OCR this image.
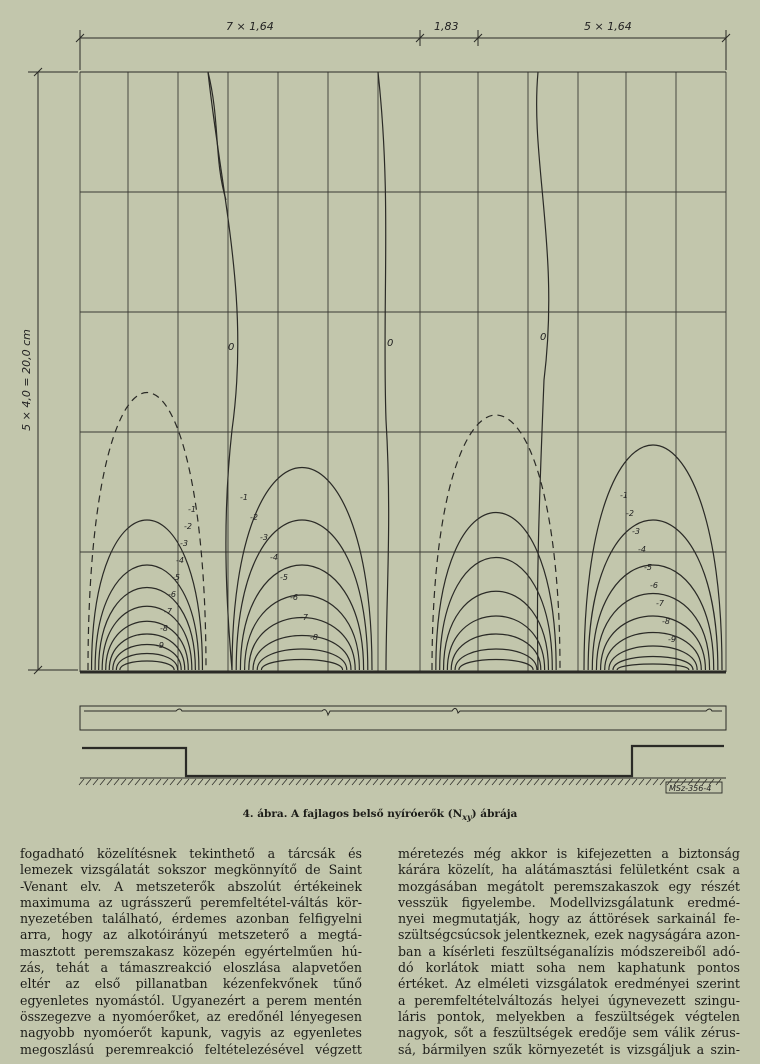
7 × 1,64	1,83	5 × 1,64
5 × 4,0 = 20,0 cm
MSz-356-4
0	0
0
-1
-2
-3
-4
-5
-6
-7
-8
-9
-1
-2
-3
-4
-5
-6
-7
-8
-1
-2
-3
-4
-5
-6
-7
-8
-9
4. ábra. A fajlagos belső nyíróerők $(N_{xy})$ ábrája
fogadható közelítésnek tekinthető a tárcsák és
lemezek vizsgálatát sokszor megkönnyítő de Saint
-Venant elv. A metszeterők abszolút értékeinek
maximuma az ugrásszerű peremfeltétel-váltás kör-
nyezetében található, érdemes azonban felfigyelni
arra, hogy az alkotóirányú metszeterő a megtá-
masztott peremszakasz közepén egyértelműen hú-
zás, tehát a támaszreakció eloszlása alapvetően
eltér az első pillanatban kézenfekvőnek tűnő
egyenletes nyomástól. Ugyanezért a perem mentén
összegezve a nyomóerőket, az eredőnél lényegesen
nagyobb nyomóerőt kapunk, vagyis az egyenletes
megoszlású peremreakció feltételezésével végzett
méretezés még akkor is kifejezetten a biztonság
kárára közelít, ha alátámasztási felületként csak a
mozgásában megátolt peremszakaszok egy részét
vesszük figyelembe. Modellvizsgálatunk eredmé-
nyei megmutatják, hogy az áttörések sarkainál fe-
szültségcsúcsok jelentkeznek, ezek nagyságára azon-
ban a kísérleti feszültséganalízis módszereiből adó-
dó korlátok miatt soha nem kaphatunk pontos
értéket. Az elméleti vizsgálatok eredményei szerint
a peremfeltételváltozás helyei úgynevezett szingu-
láris pontok, melyekben a feszültségek végtelen
nagyok, sőt a feszültségek eredője sem válik zérus-
sá, bármilyen szűk környezetét is vizsgáljuk a szin-
